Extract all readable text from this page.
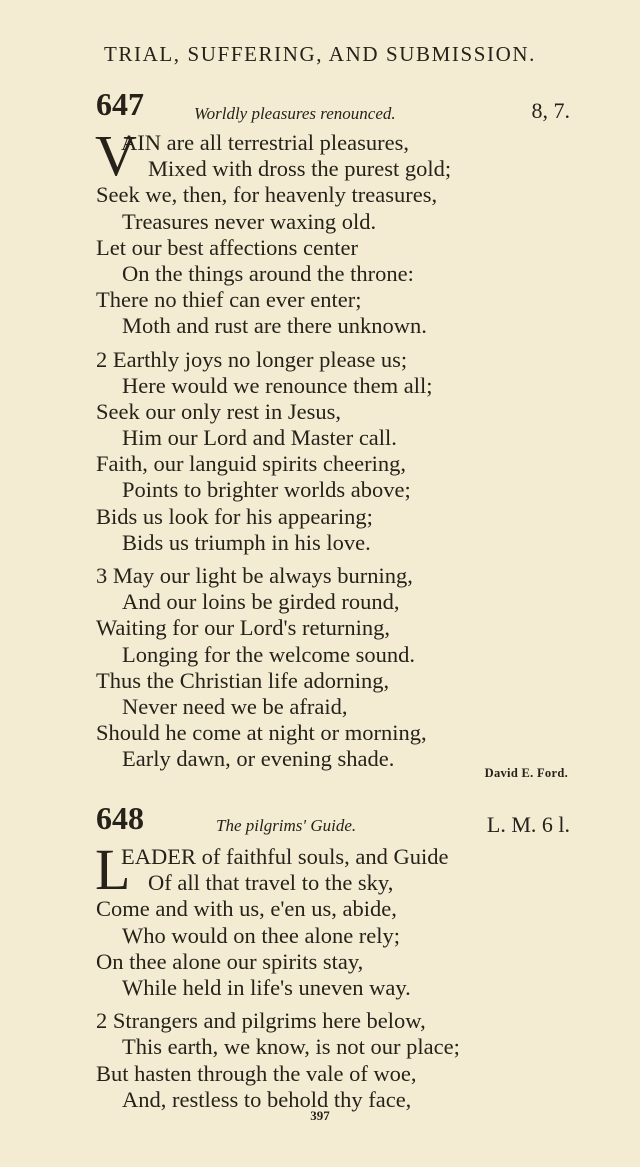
TRIAL, SUFFERING, AND SUBMISSION.
647	Worldly pleasures renounced.	8, 7.
V
AIN are all terrestrial pleasures,
Mixed with dross the purest gold;
Seek we, then, for heavenly treasures,
Treasures never waxing old.
Let our best affections center
On the things around the throne:
There no thief can ever enter;
Moth and rust are there unknown.
2 Earthly joys no longer please us;
Here would we renounce them all;
Seek our only rest in Jesus,
Him our Lord and Master call.
Faith, our languid spirits cheering,
Points to brighter worlds above;
Bids us look for his appearing;
Bids us triumph in his love.
3 May our light be always burning,
And our loins be girded round,
Waiting for our Lord's returning,
Longing for the welcome sound.
Thus the Christian life adorning,
Never need we be afraid,
Should he come at night or morning,
Early dawn, or evening shade.
David E. Ford.
648	The pilgrims' Guide.	L. M. 6 l.
L
EADER of faithful souls, and Guide
Of all that travel to the sky,
Come and with us, e'en us, abide,
Who would on thee alone rely;
On thee alone our spirits stay,
While held in life's uneven way.
2 Strangers and pilgrims here below,
This earth, we know, is not our place;
But hasten through the vale of woe,
And, restless to behold thy face,
397
